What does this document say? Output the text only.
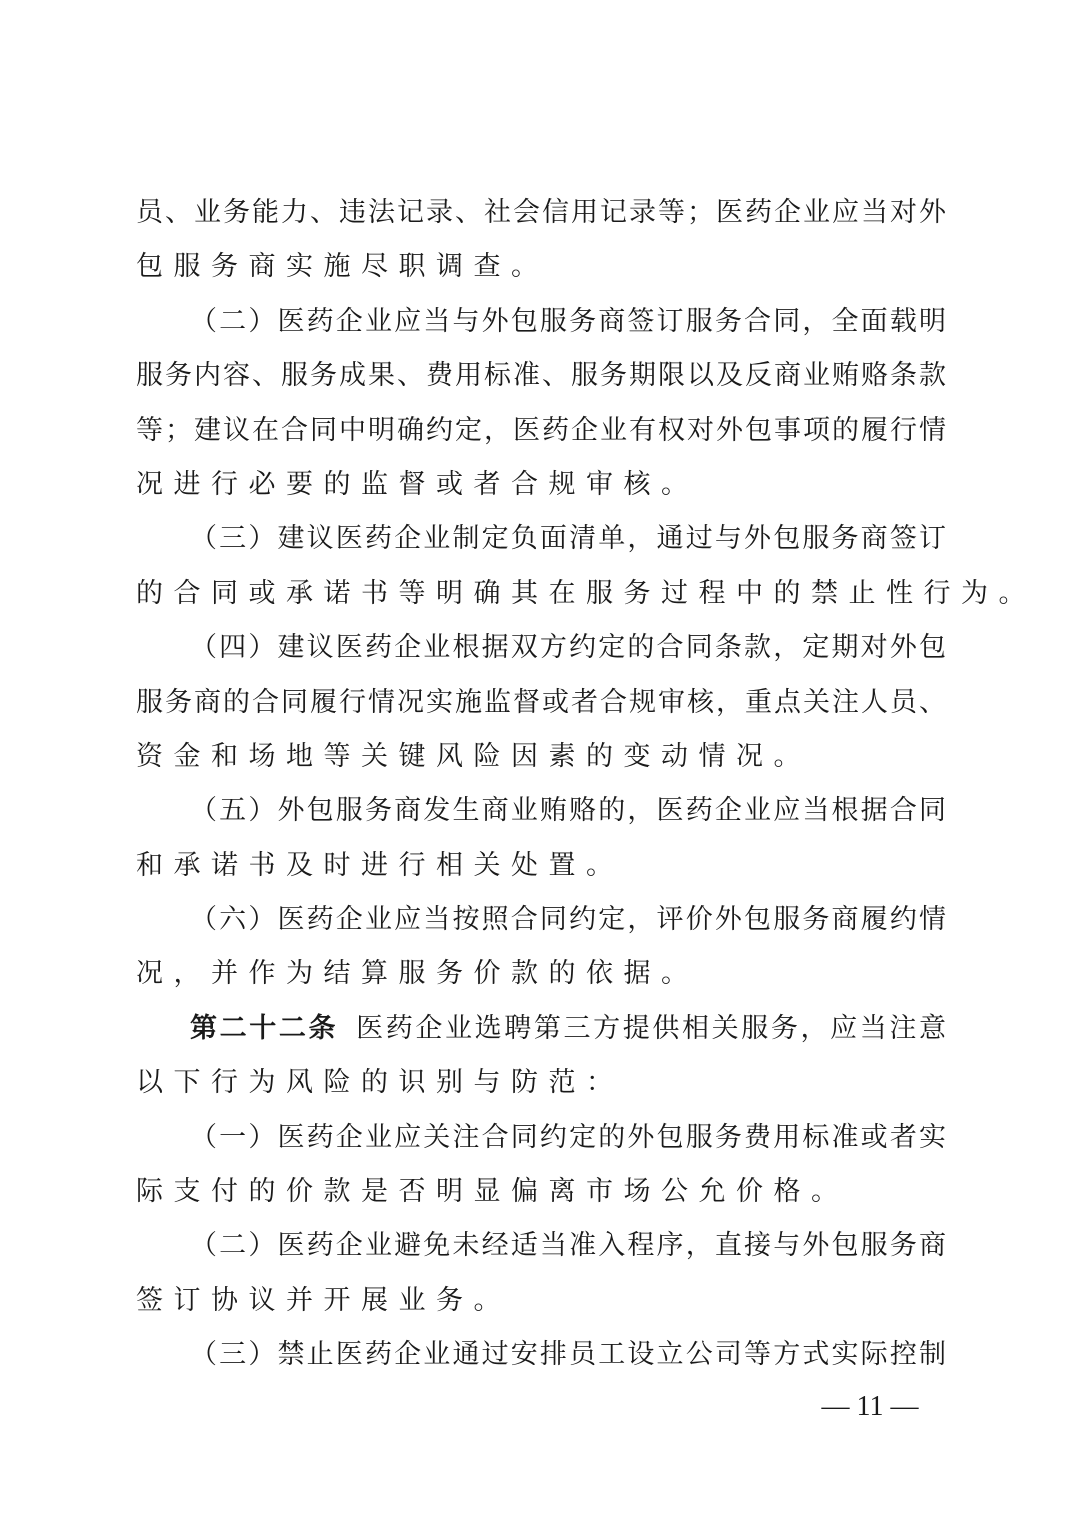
员、业务能力、违法记录、社会信用记录等；医药企业应当对外
包服务商实施尽职调查。
（二）医药企业应当与外包服务商签订服务合同，全面载明
服务内容、服务成果、费用标准、服务期限以及反商业贿赂条款
等；建议在合同中明确约定，医药企业有权对外包事项的履行情
况进行必要的监督或者合规审核。
（三）建议医药企业制定负面清单，通过与外包服务商签订
的合同或承诺书等明确其在服务过程中的禁止性行为。
（四）建议医药企业根据双方约定的合同条款，定期对外包
服务商的合同履行情况实施监督或者合规审核，重点关注人员、
资金和场地等关键风险因素的变动情况。
（五）外包服务商发生商业贿赂的，医药企业应当根据合同
和承诺书及时进行相关处置。
（六）医药企业应当按照合同约定，评价外包服务商履约情
况，并作为结算服务价款的依据。
第二十二条 医药企业选聘第三方提供相关服务，应当注意
以下行为风险的识别与防范：
（一）医药企业应关注合同约定的外包服务费用标准或者实
际支付的价款是否明显偏离市场公允价格。
（二）医药企业避免未经适当准入程序，直接与外包服务商
签订协议并开展业务。
（三）禁止医药企业通过安排员工设立公司等方式实际控制
— 11 —
